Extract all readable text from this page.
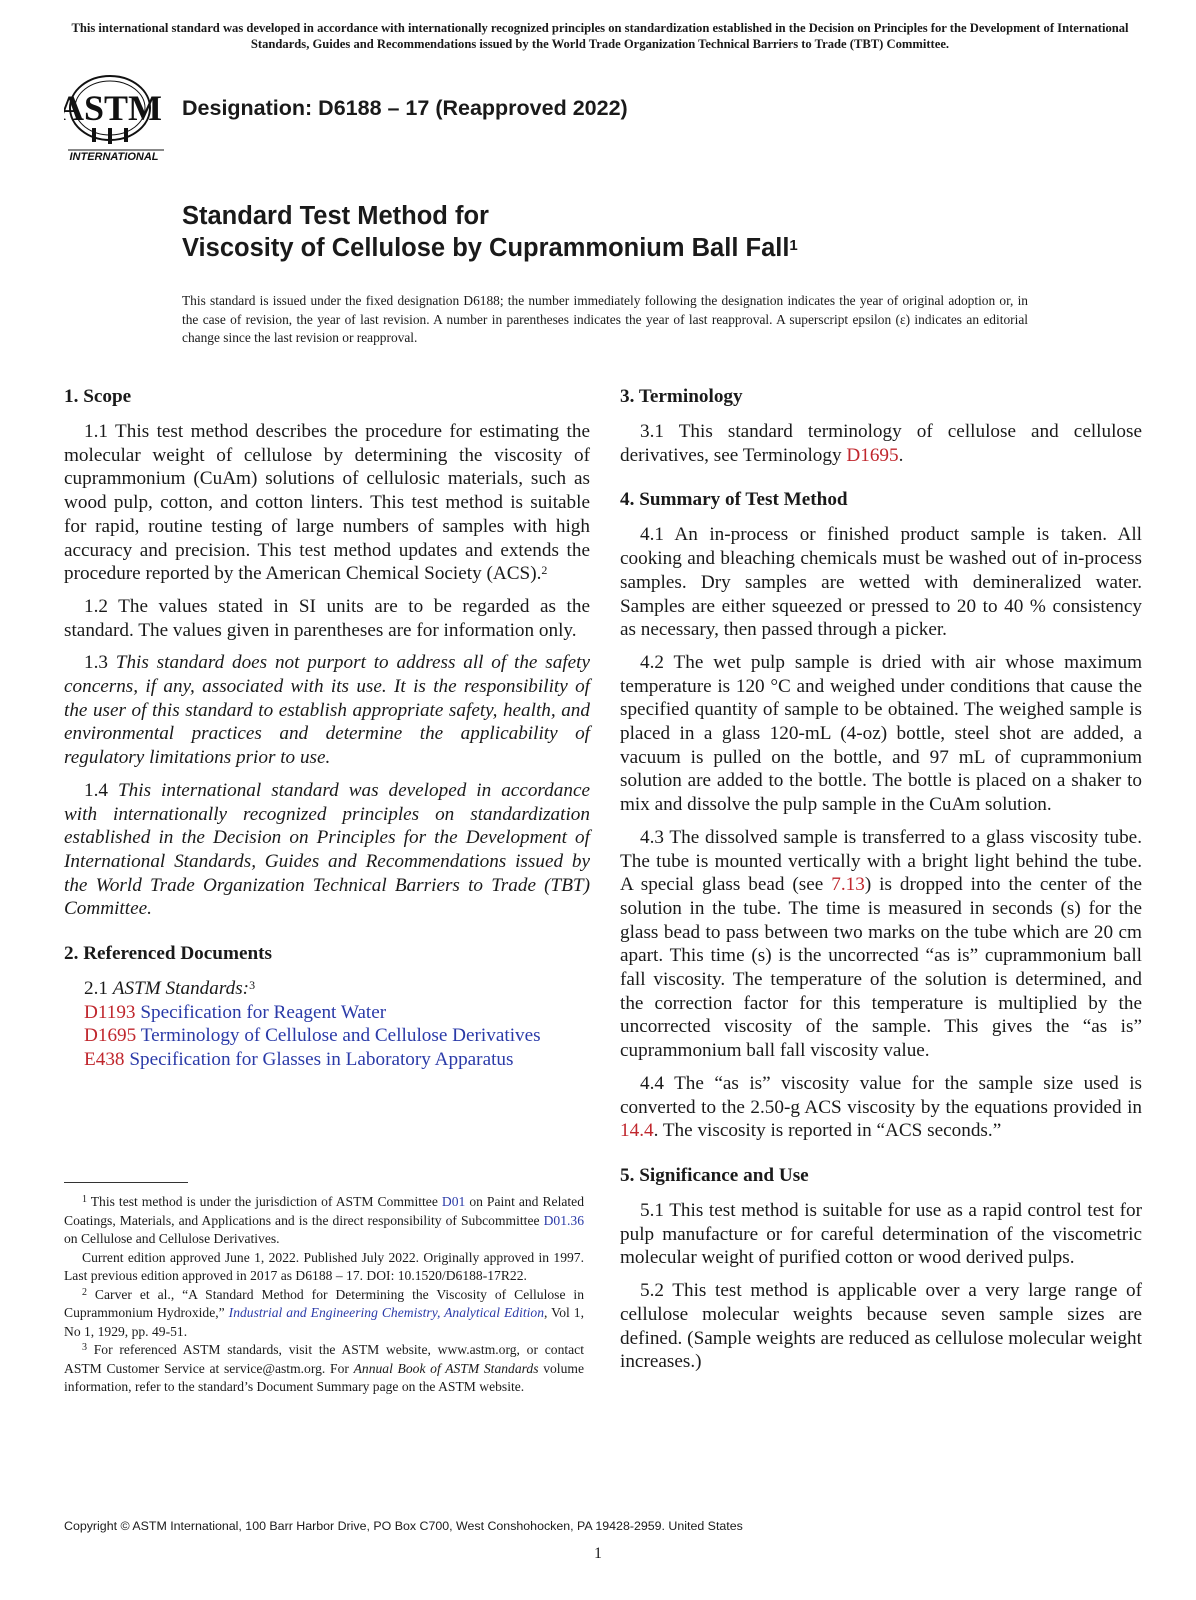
This international standard was developed in accordance with internationally recognized principles on standardization established in the Decision on Principles for the Development of International Standards, Guides and Recommendations issued by the World Trade Organization Technical Barriers to Trade (TBT) Committee.
ASTM
INTERNATIONAL
Designation: D6188 – 17 (Reapproved 2022)
Standard Test Method for
Viscosity of Cellulose by Cuprammonium Ball Fall$^1$
This standard is issued under the fixed designation D6188; the number immediately following the designation indicates the year of original adoption or, in the case of revision, the year of last revision. A number in parentheses indicates the year of last reapproval. A superscript epsilon (ε) indicates an editorial change since the last revision or reapproval.
1. Scope

1.1 This test method describes the procedure for estimating the molecular weight of cellulose by determining the viscosity of cuprammonium (CuAm) solutions of cellulosic materials, such as wood pulp, cotton, and cotton linters. This test method is suitable for rapid, routine testing of large numbers of samples with high accuracy and precision. This test method updates and extends the procedure reported by the American Chemical Society (ACS).$^2$

1.2 The values stated in SI units are to be regarded as the standard. The values given in parentheses are for information only.

1.3 This standard does not purport to address all of the safety concerns, if any, associated with its use. It is the responsibility of the user of this standard to establish appropriate safety, health, and environmental practices and determine the applicability of regulatory limitations prior to use.

1.4 This international standard was developed in accordance with internationally recognized principles on standardization established in the Decision on Principles for the Development of International Standards, Guides and Recommendations issued by the World Trade Organization Technical Barriers to Trade (TBT) Committee.

2. Referenced Documents
2.1 ASTM Standards:$^3$
D1193 Specification for Reagent Water
D1695 Terminology of Cellulose and Cellulose Derivatives
E438 Specification for Glasses in Laboratory Apparatus
3. Terminology

3.1 This standard terminology of cellulose and cellulose derivatives, see Terminology D1695.

4. Summary of Test Method

4.1 An in-process or finished product sample is taken. All cooking and bleaching chemicals must be washed out of in-process samples. Dry samples are wetted with demineralized water. Samples are either squeezed or pressed to 20 to 40 % consistency as necessary, then passed through a picker.

4.2 The wet pulp sample is dried with air whose maximum temperature is 120 °C and weighed under conditions that cause the specified quantity of sample to be obtained. The weighed sample is placed in a glass 120-mL (4-oz) bottle, steel shot are added, a vacuum is pulled on the bottle, and 97 mL of cuprammonium solution are added to the bottle. The bottle is placed on a shaker to mix and dissolve the pulp sample in the CuAm solution.

4.3 The dissolved sample is transferred to a glass viscosity tube. The tube is mounted vertically with a bright light behind the tube. A special glass bead (see 7.13) is dropped into the center of the solution in the tube. The time is measured in seconds (s) for the glass bead to pass between two marks on the tube which are 20 cm apart. This time (s) is the uncorrected “as is” cuprammonium ball fall viscosity. The temperature of the solution is determined, and the correction factor for this temperature is multiplied by the uncorrected viscosity of the sample. This gives the “as is” cuprammonium ball fall viscosity value.

4.4 The “as is” viscosity value for the sample size used is converted to the 2.50-g ACS viscosity by the equations provided in 14.4. The viscosity is reported in “ACS seconds.”

5. Significance and Use

5.1 This test method is suitable for use as a rapid control test for pulp manufacture or for careful determination of the viscometric molecular weight of purified cotton or wood derived pulps.

5.2 This test method is applicable over a very large range of cellulose molecular weights because seven sample sizes are defined. (Sample weights are reduced as cellulose molecular weight increases.)

$^1$ This test method is under the jurisdiction of ASTM Committee D01 on Paint and Related Coatings, Materials, and Applications and is the direct responsibility of Subcommittee D01.36 on Cellulose and Cellulose Derivatives.

Current edition approved June 1, 2022. Published July 2022. Originally approved in 1997. Last previous edition approved in 2017 as D6188 – 17. DOI: 10.1520/D6188-17R22.

$^2$ Carver et al., “A Standard Method for Determining the Viscosity of Cellulose in Cuprammonium Hydroxide,” Industrial and Engineering Chemistry, Analytical Edition, Vol 1, No 1, 1929, pp. 49-51.

$^3$ For referenced ASTM standards, visit the ASTM website, www.astm.org, or contact ASTM Customer Service at service@astm.org. For Annual Book of ASTM Standards volume information, refer to the standard’s Document Summary page on the ASTM website.

Copyright © ASTM International, 100 Barr Harbor Drive, PO Box C700, West Conshohocken, PA 19428-2959. United States
1
